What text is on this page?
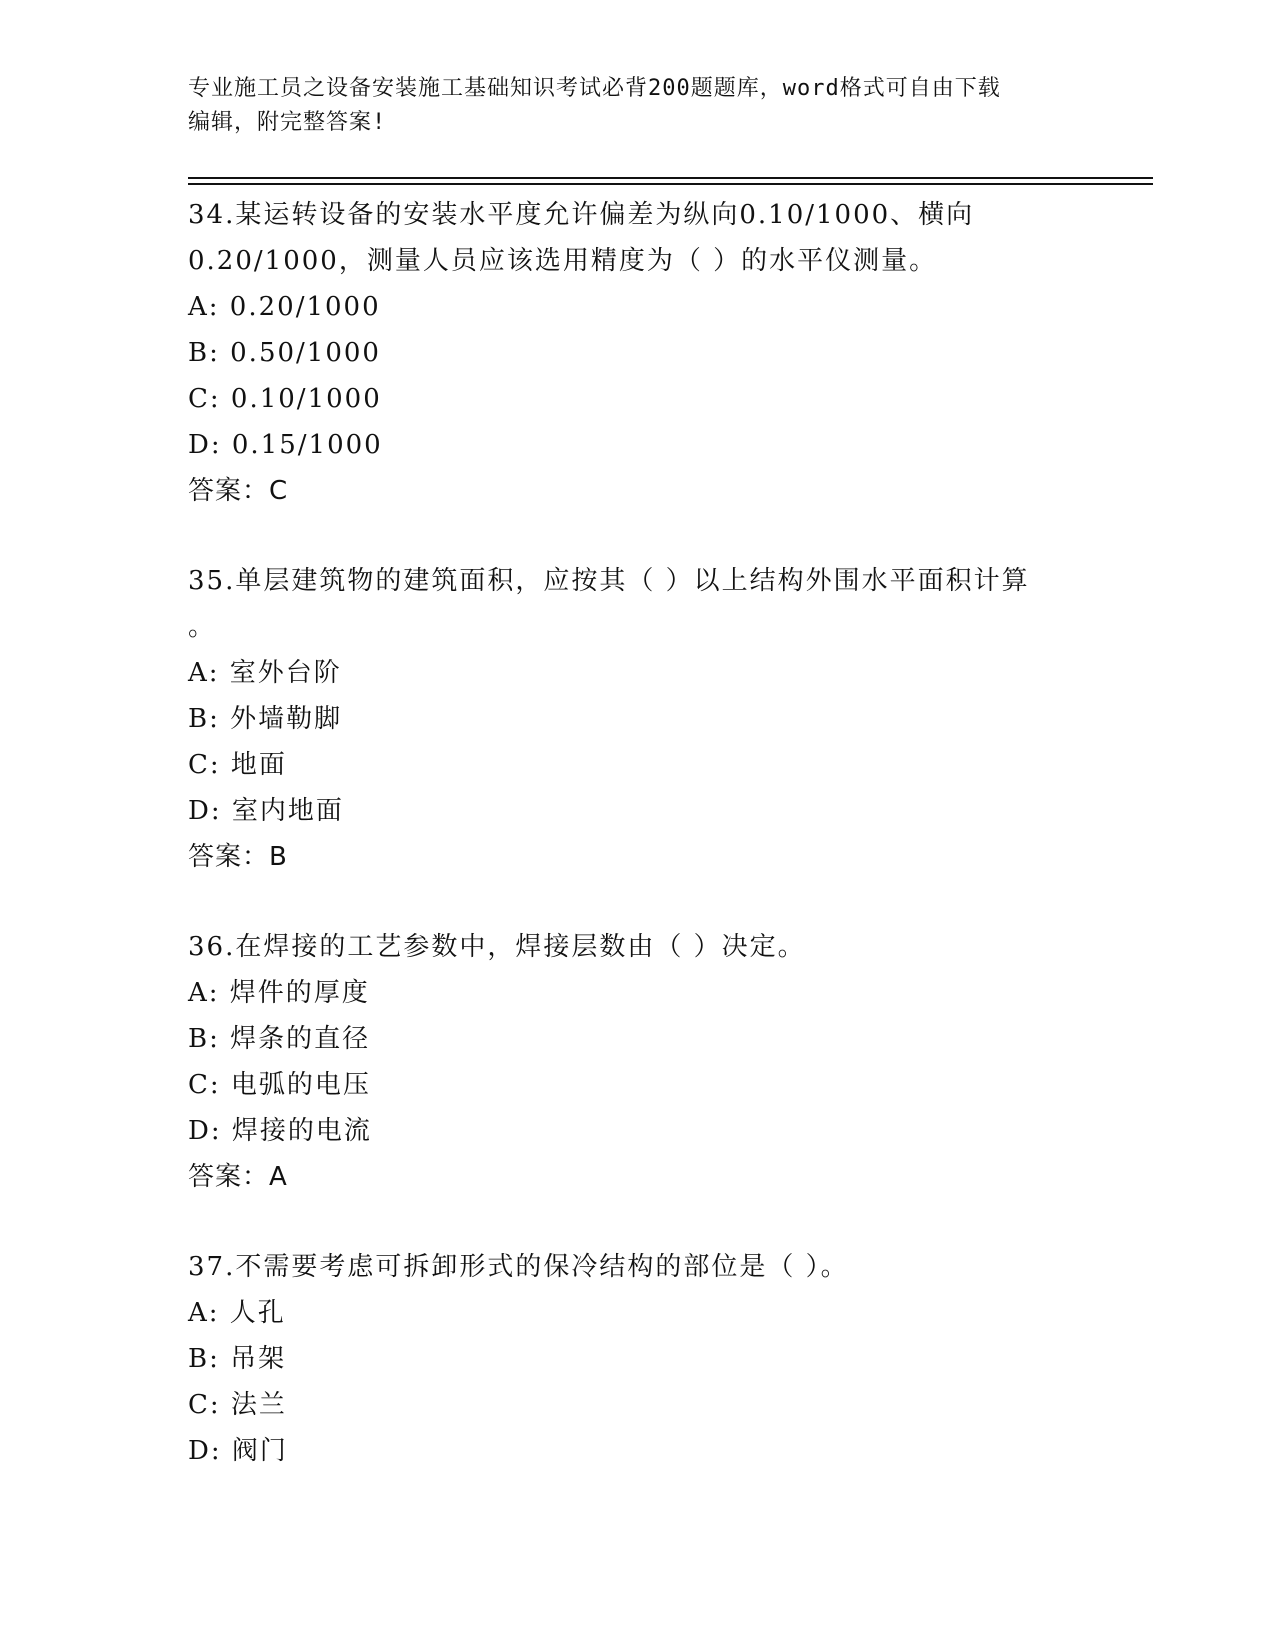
专业施工员之设备安装施工基础知识考试必背200题题库，word格式可自由下载
编辑，附完整答案!
34.某运转设备的安装水平度允许偏差为纵向0.10/1000、横向
0.20/1000，测量人员应该选用精度为（ ）的水平仪测量。
A: 0.20/1000
B: 0.50/1000
C: 0.10/1000
D: 0.15/1000
答案：C
35.单层建筑物的建筑面积，应按其（ ）以上结构外围水平面积计算
。
A: 室外台阶
B: 外墙勒脚
C: 地面
D: 室内地面
答案：B
36.在焊接的工艺参数中，焊接层数由（ ）决定。
A: 焊件的厚度
B: 焊条的直径
C: 电弧的电压
D: 焊接的电流
答案：A
37.不需要考虑可拆卸形式的保冷结构的部位是（ ）。
A: 人孔
B: 吊架
C: 法兰
D: 阀门
